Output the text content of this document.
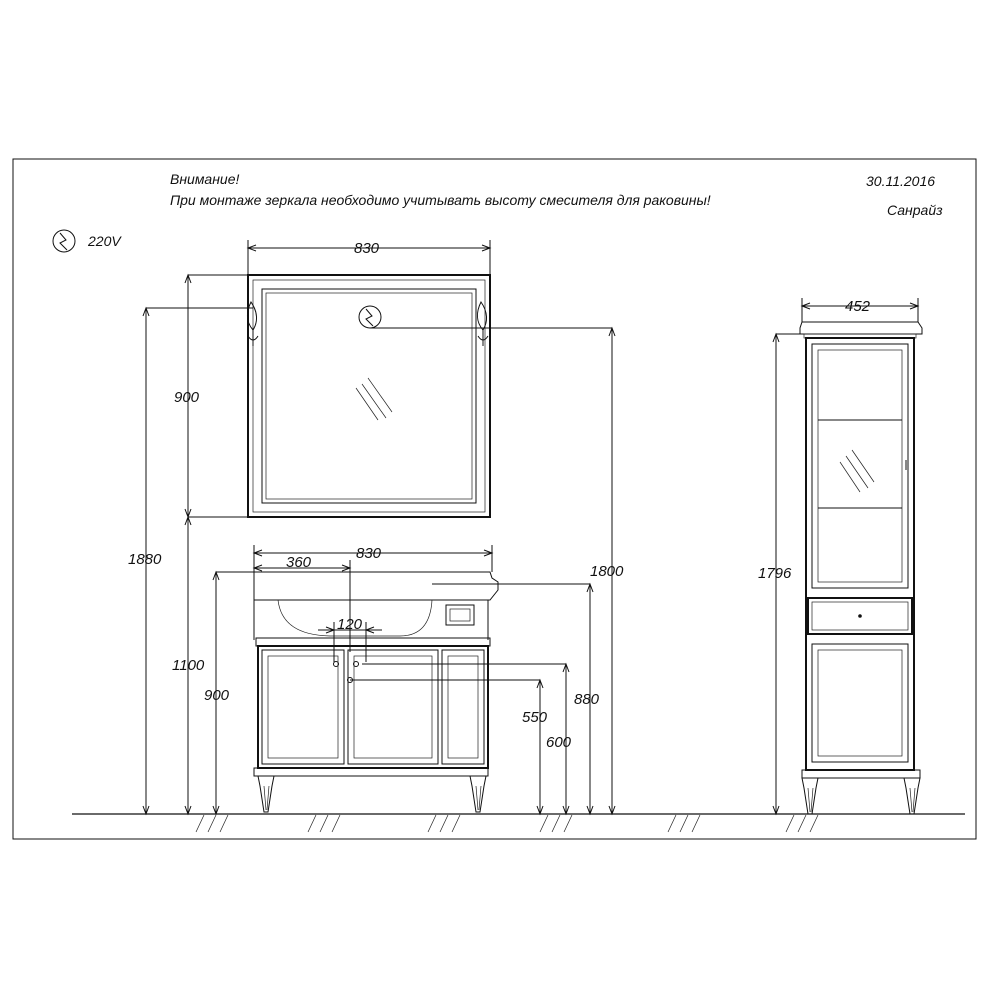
Внимание!
При монтаже зеркала необходимо учитывать высоту смесителя для раковины!
30.11.2016
Санрайз
220V	830
900
1880
1800
830
360
120
1100
900
550
600
880
452
1796
